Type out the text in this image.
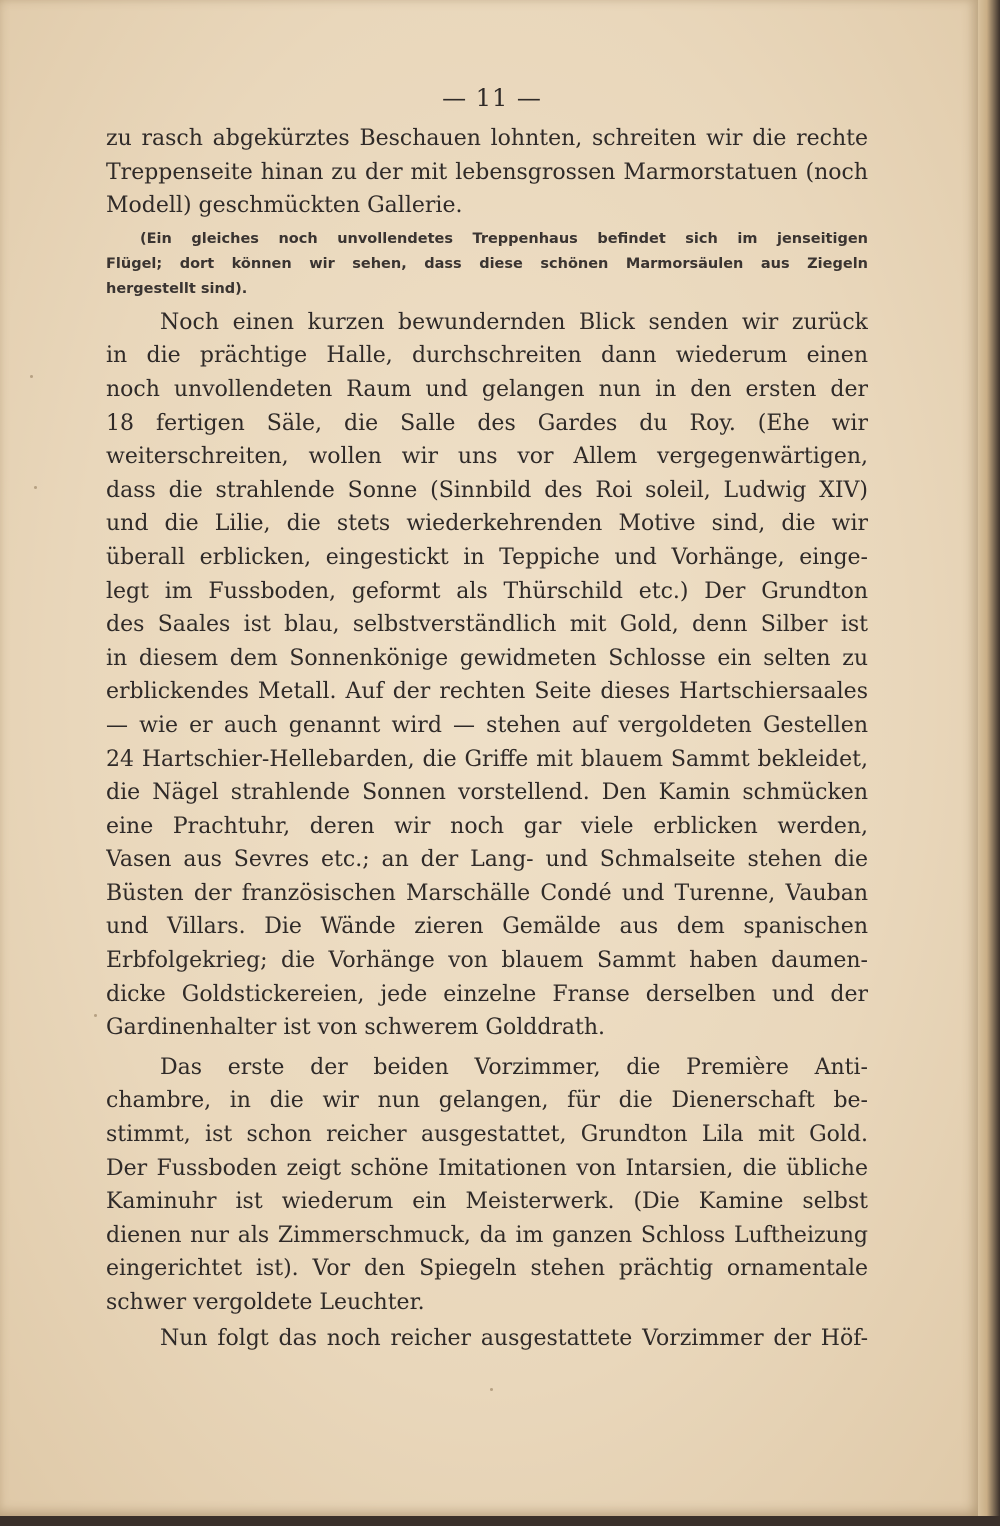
— 11 —
zu rasch abgekürztes Beschauen lohnten, schreiten wir die rechte
Treppenseite hinan zu der mit lebensgrossen Marmorstatuen (noch
Modell) geschmückten Gallerie.
(Ein gleiches noch unvollendetes Treppenhaus befindet sich im jenseitigen
Flügel; dort können wir sehen, dass diese schönen Marmorsäulen aus Ziegeln
hergestellt sind).
Noch einen kurzen bewundernden Blick senden wir zurück
in die prächtige Halle, durchschreiten dann wiederum einen
noch unvollendeten Raum und gelangen nun in den ersten der
18 fertigen Säle, die Salle des Gardes du Roy. (Ehe wir
weiterschreiten, wollen wir uns vor Allem vergegenwärtigen,
dass die strahlende Sonne (Sinnbild des Roi soleil, Ludwig XIV)
und die Lilie, die stets wiederkehrenden Motive sind, die wir
überall erblicken, eingestickt in Teppiche und Vorhänge, einge-
legt im Fussboden, geformt als Thürschild etc.) Der Grundton
des Saales ist blau, selbstverständlich mit Gold, denn Silber ist
in diesem dem Sonnenkönige gewidmeten Schlosse ein selten zu
erblickendes Metall. Auf der rechten Seite dieses Hartschiersaales
— wie er auch genannt wird — stehen auf vergoldeten Gestellen
24 Hartschier-Hellebarden, die Griffe mit blauem Sammt bekleidet,
die Nägel strahlende Sonnen vorstellend. Den Kamin schmücken
eine Prachtuhr, deren wir noch gar viele erblicken werden,
Vasen aus Sevres etc.; an der Lang- und Schmalseite stehen die
Büsten der französischen Marschälle Condé und Turenne, Vauban
und Villars. Die Wände zieren Gemälde aus dem spanischen
Erbfolgekrieg; die Vorhänge von blauem Sammt haben daumen-
dicke Goldstickereien, jede einzelne Franse derselben und der
Gardinenhalter ist von schwerem Golddrath.
Das erste der beiden Vorzimmer, die Première Anti-
chambre, in die wir nun gelangen, für die Dienerschaft be-
stimmt, ist schon reicher ausgestattet, Grundton Lila mit Gold.
Der Fussboden zeigt schöne Imitationen von Intarsien, die übliche
Kaminuhr ist wiederum ein Meisterwerk. (Die Kamine selbst
dienen nur als Zimmerschmuck, da im ganzen Schloss Luftheizung
eingerichtet ist). Vor den Spiegeln stehen prächtig ornamentale
schwer vergoldete Leuchter.
Nun folgt das noch reicher ausgestattete Vorzimmer der Höf-
